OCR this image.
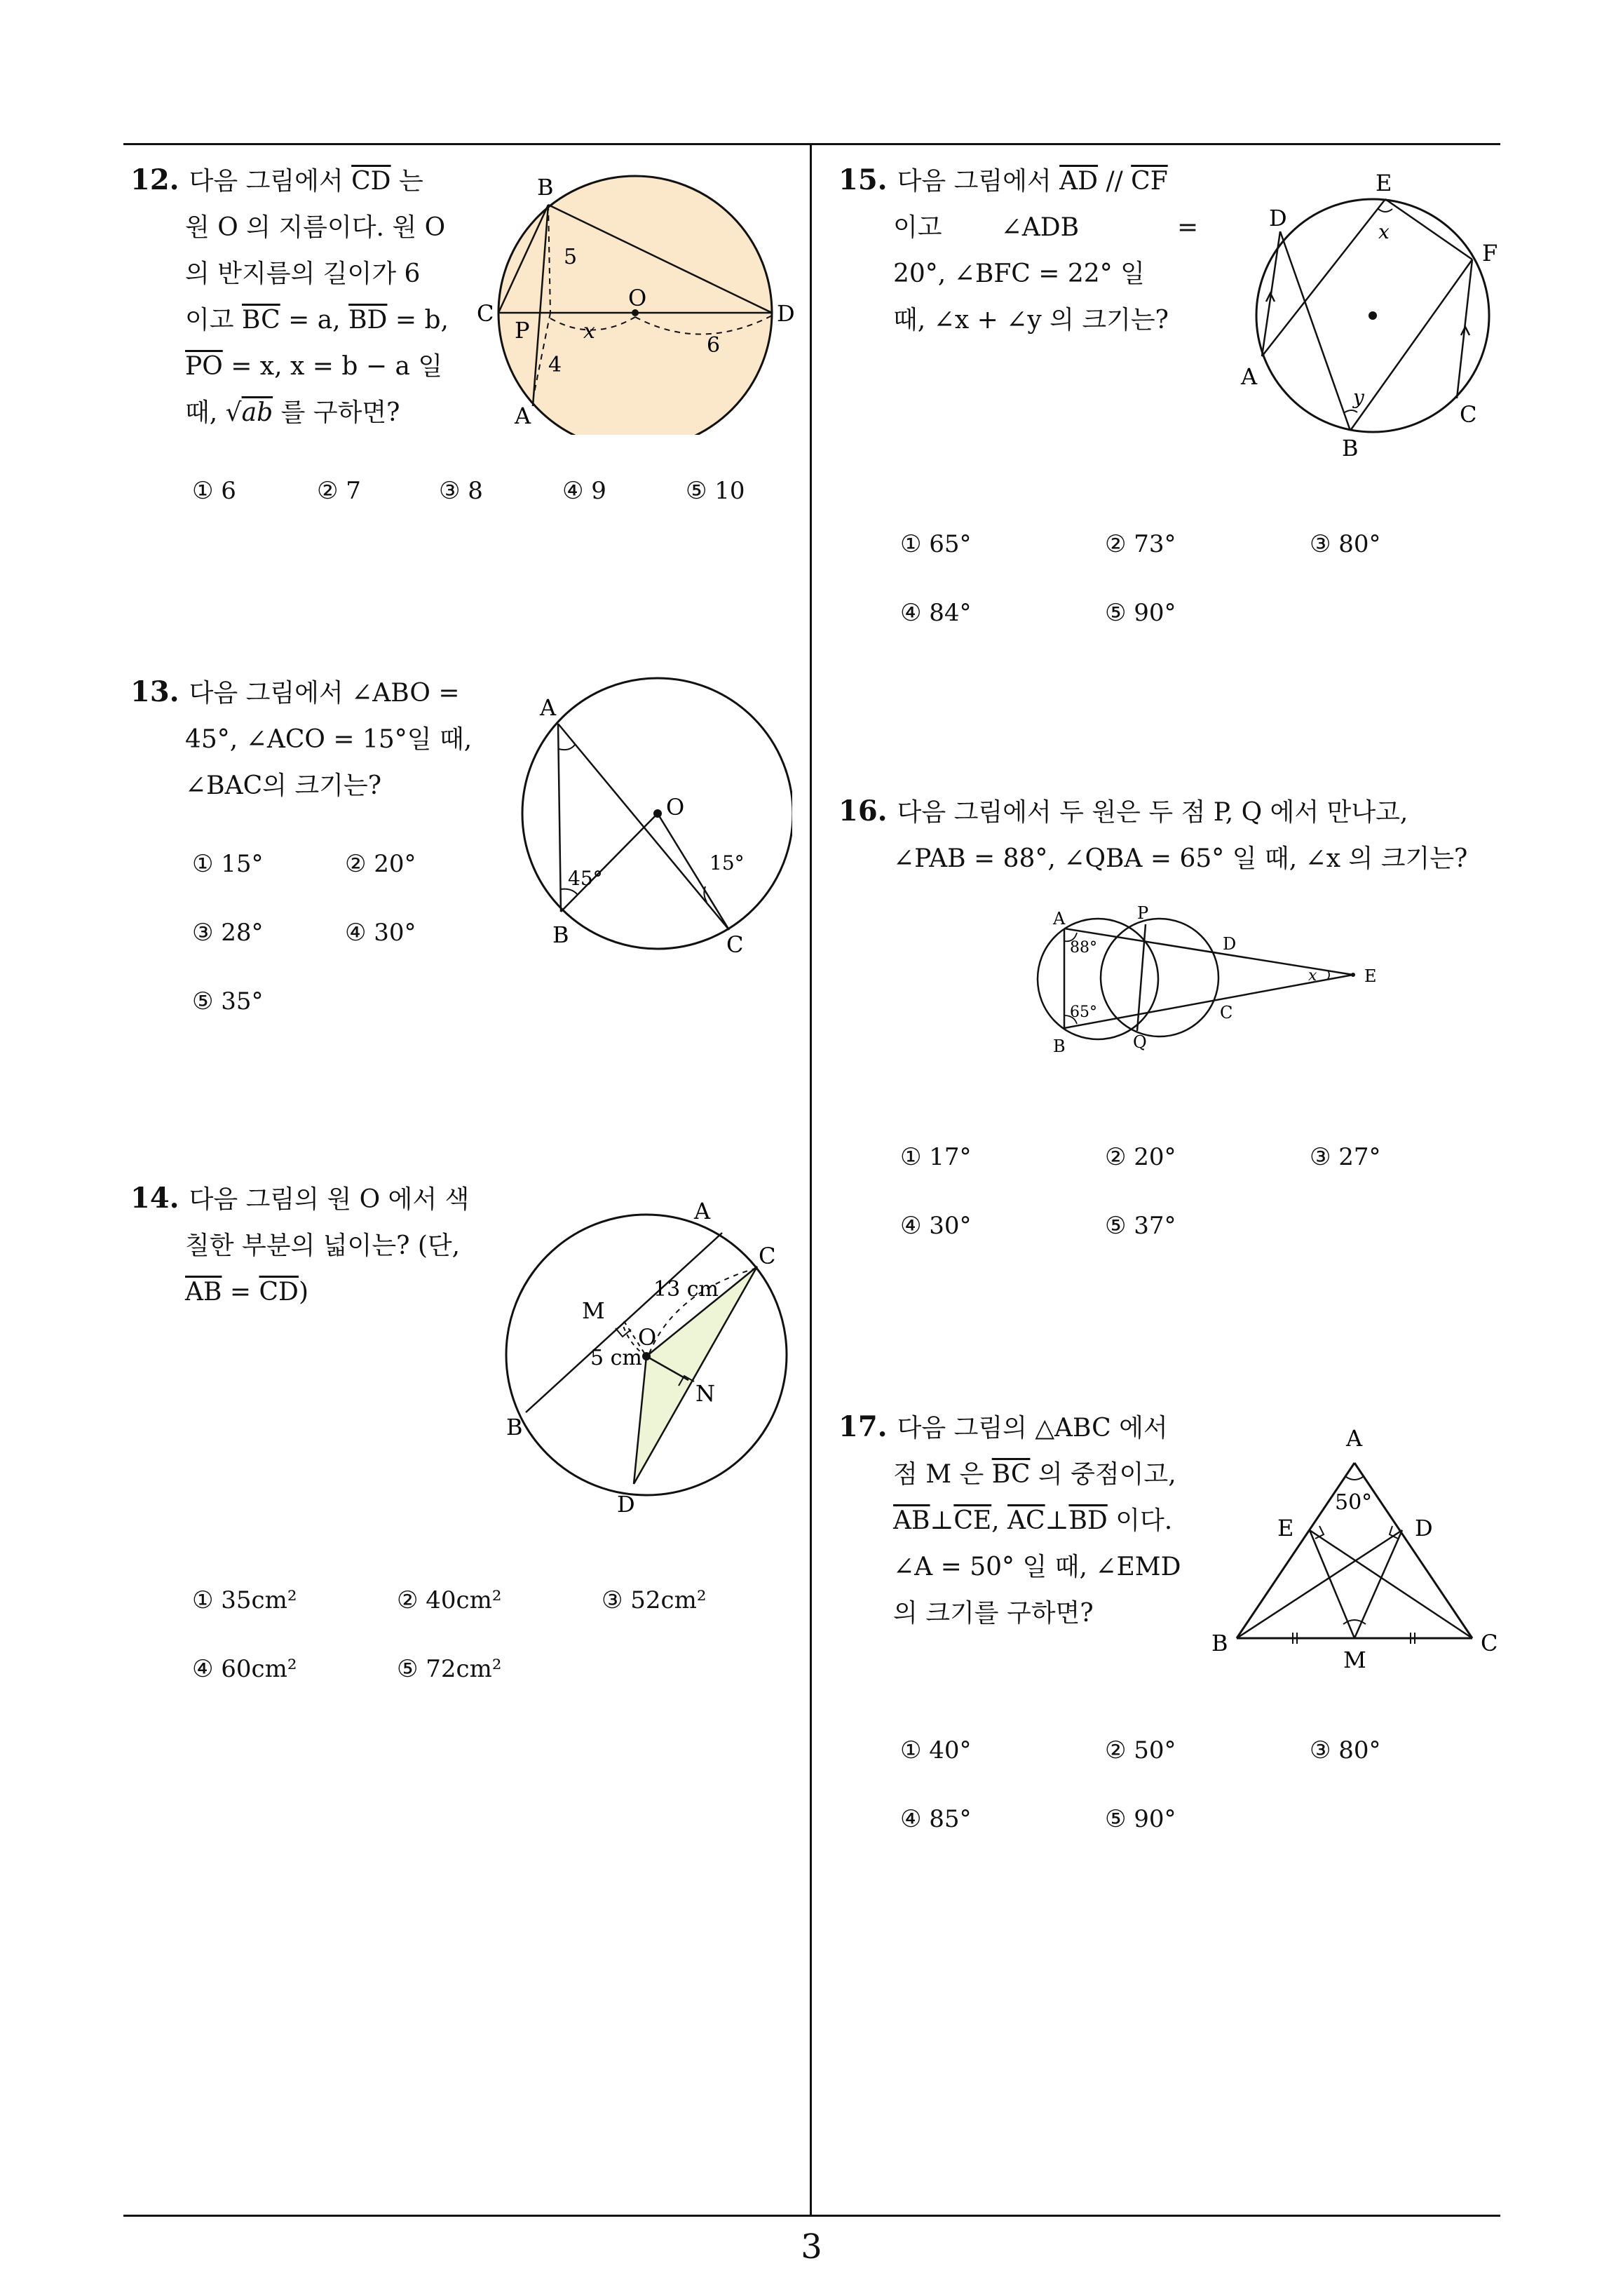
12. 다음 그림에서 $\overline{CD}$ 는
원 O 의 지름이다. 원 O
의 반지름의 길이가 6
이고 $\overline{BC} = a$, $\overline{BD} = b$,
$\overline{PO} = x$, x = b − a 일
때, √ab 를 구하면?
B
C	D
P
O
A
5
4
x
6
① 6	② 7	③ 8	④ 9	⑤ 10
13. 다음 그림에서 ∠ABO =
45°, ∠ACO = 15°일 때,
∠BAC의 크기는?
A
O
B	C
45°
15°
① 15°	② 20°
③ 28°	④ 30°
⑤ 35°
14. 다음 그림의 원 O 에서 색
칠한 부분의 넓이는? (단,
$\overline{AB} = \overline{CD}$)
A
C
M
O
N
B
D
13 cm
5 cm
① 35cm²	② 40cm²	③ 52cm²
④ 60cm²	⑤ 72cm²
15. 다음 그림에서 $\overline{AD} // \overline{CF}$
이고 ∠ADB	=
20°, ∠BFC = 22° 일
때, ∠x + ∠y 의 크기는?
E
D
F
A
C
B
x
y
① 65°	② 73°	③ 80°
④ 84°	⑤ 90°
16. 다음 그림에서 두 원은 두 점 P, Q 에서 만나고,
∠PAB = 88°, ∠QBA = 65° 일 때, ∠x 의 크기는?
A	P
D
E
B	Q
C
88°
65°
x
① 17°	② 20°	③ 27°
④ 30°	⑤ 37°
17. 다음 그림의 △ABC 에서
점 M 은 $\overline{BC}$ 의 중점이고,
$\overline{AB}\perp\overline{CE}$, $\overline{AC}\perp\overline{BD}$ 이다.
∠A = 50° 일 때, ∠EMD
의 크기를 구하면?
A
50°
E	D
B
M
C
① 40°	② 50°	③ 80°
④ 85°	⑤ 90°
3
